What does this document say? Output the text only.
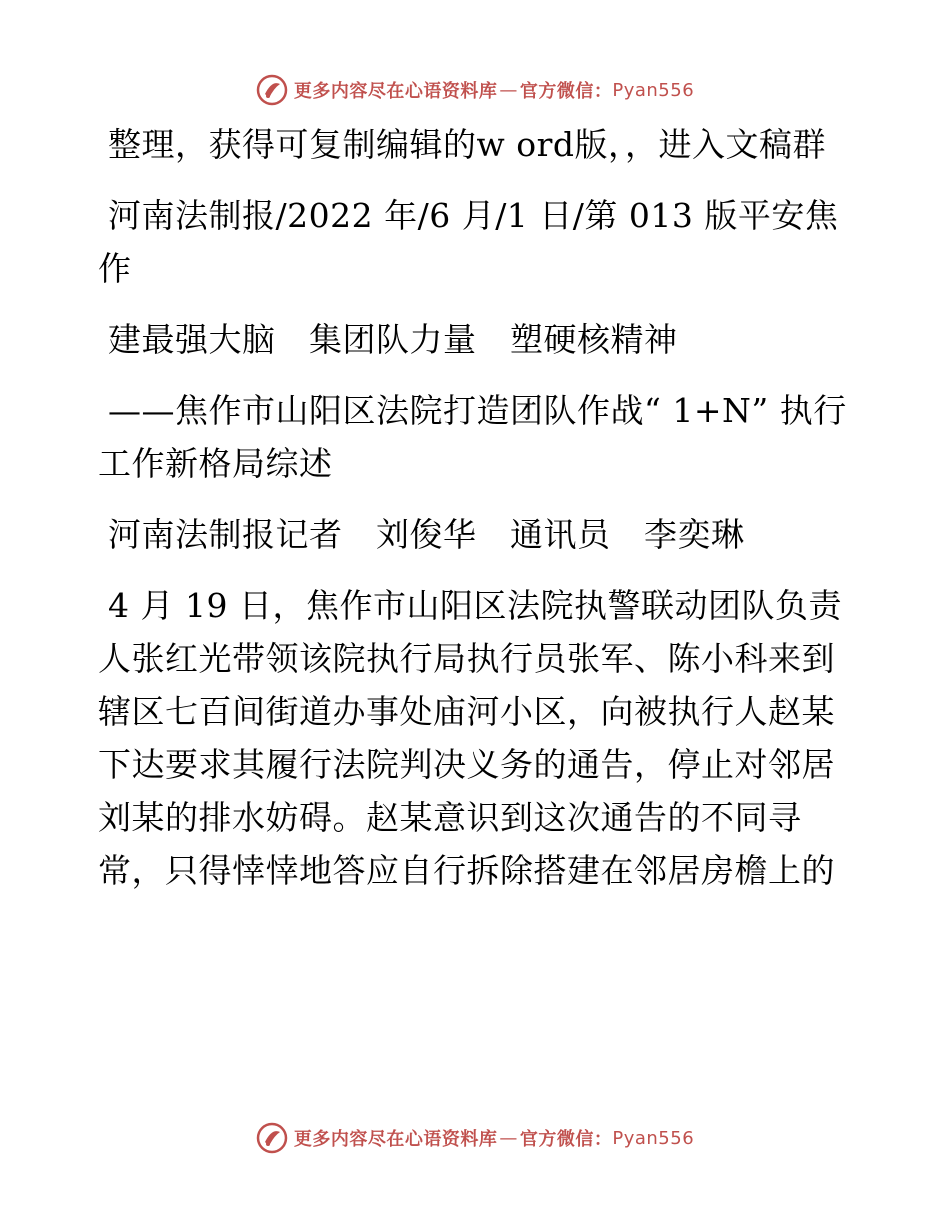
更多内容尽在心语资料库 — 官方微信： Pyan556

整理，获得可复制编辑的w ord版，，进入文稿群

河南法制报/2022 年/6 月/1 日/第 013 版平安焦作

建最强大脑　集团队力量　塑硬核精神

——焦作市山阳区法院打造团队作战“ 1+N” 执行工作新格局综述

河南法制报记者　刘俊华　通讯员　李奕琳

4 月 19 日，焦作市山阳区法院执警联动团队负责人张红光带领该院执行局执行员张军、陈小科来到辖区七百间街道办事处庙河小区，向被执行人赵某下达要求其履行法院判决义务的通告，停止对邻居刘某的排水妨碍。赵某意识到这次通告的不同寻常，只得悻悻地答应自行拆除搭建在邻居房檐上的

更多内容尽在心语资料库 — 官方微信： Pyan556
